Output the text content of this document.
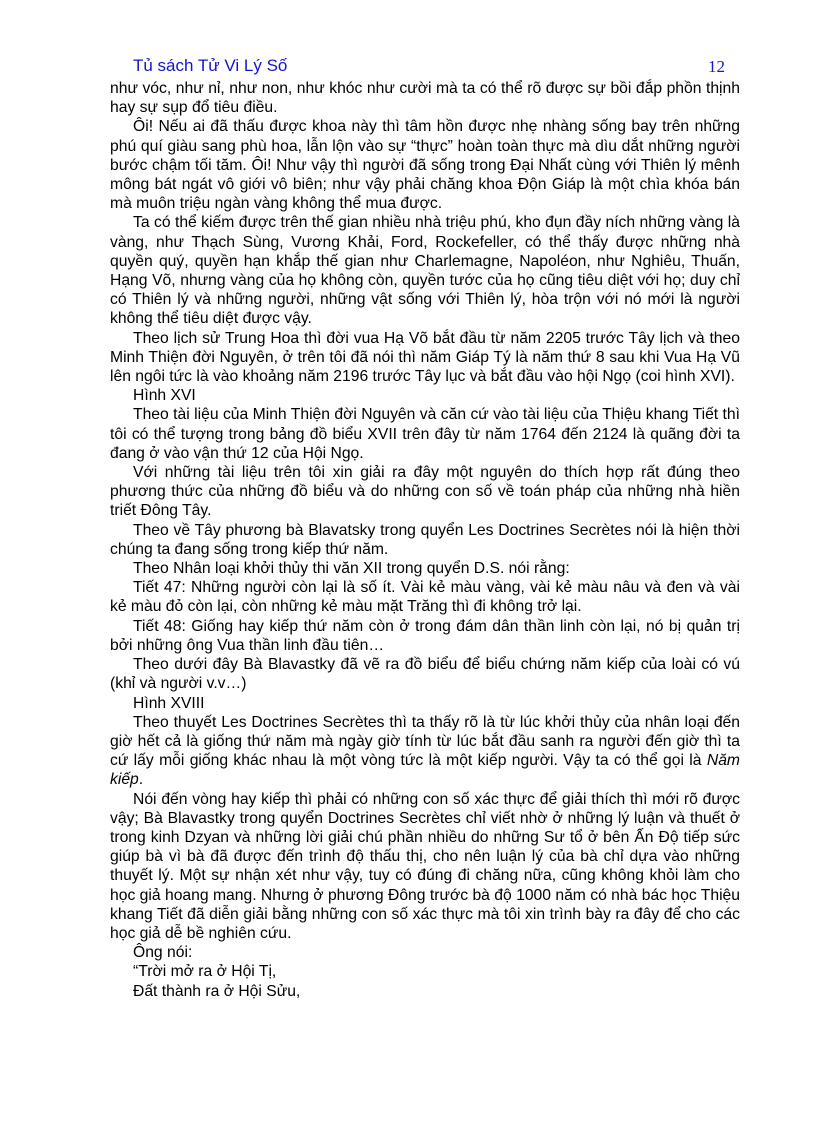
Tủ sách Tử Vi Lý Số	12

như vóc, như nỉ, như non, như khóc như cười mà ta có thể rõ được sự bồi đắp phồn thịnh hay sự sụp đổ tiêu điều.

Ôi! Nếu ai đã thấu được khoa này thì tâm hồn được nhẹ nhàng sống bay trên những phú quí giàu sang phù hoa, lẫn lộn vào sự “thực” hoàn toàn thực mà dìu dắt những người bước chậm tối tăm. Ôi! Như vậy thì người đã sống trong Đại Nhất cùng với Thiên lý mênh mông bát ngát vô giới vô biên; như vậy phải chăng khoa Độn Giáp là một chìa khóa bán mà muôn triệu ngàn vàng không thể mua được.

Ta có thể kiếm được trên thế gian nhiều nhà triệu phú, kho đụn đầy ních những vàng là vàng, như Thạch Sùng, Vương Khải, Ford, Rockefeller, có thể thấy được những nhà quyền quý, quyền hạn khắp thế gian như Charlemagne, Napoléon, như Nghiêu, Thuấn, Hạng Võ, nhưng vàng của họ không còn, quyền tước của họ cũng tiêu diệt với họ; duy chỉ có Thiên lý và những người, những vật sống với Thiên lý, hòa trộn với nó mới là người không thể tiêu diệt được vậy.

Theo lịch sử Trung Hoa thì đời vua Hạ Võ bắt đầu từ năm 2205 trước Tây lịch và theo Minh Thiện đời Nguyên, ở trên tôi đã nói thì năm Giáp Tý là năm thứ 8 sau khi Vua Hạ Vũ lên ngôi tức là vào khoảng năm 2196 trước Tây lục và bắt đầu vào hội Ngọ (coi hình XVI).

Hình XVI

Theo tài liệu của Minh Thiện đời Nguyên và căn cứ vào tài liệu của Thiệu khang Tiết thì tôi có thể tượng trong bảng đồ biểu XVII trên đây từ năm 1764 đến 2124 là quãng đời ta đang ở vào vận thứ 12 của Hội Ngọ.

Với những tài liệu trên tôi xin giải ra đây một nguyên do thích hợp rất đúng theo phương thức của những đồ biểu và do những con số về toán pháp của những nhà hiền triết Đông Tây.

Theo về Tây phương bà Blavatsky trong quyển Les Doctrines Secrètes nói là hiện thời chúng ta đang sống trong kiếp thứ năm.

Theo Nhân loại khởi thủy thi văn XII trong quyển D.S. nói rằng:

Tiết 47: Những người còn lại là số ít. Vài kẻ màu vàng, vài kẻ màu nâu và đen và vài kẻ màu đỏ còn lại, còn những kẻ màu mặt Trăng thì đi không trở lại.

Tiết 48: Giống hay kiếp thứ năm còn ở trong đám dân thần linh còn lại, nó bị quản trị bởi những ông Vua thần linh đầu tiên…

Theo dưới đây Bà Blavastky đã vẽ ra đồ biểu để biểu chứng năm kiếp của loài có vú (khỉ và người v.v…)

Hình XVIII

Theo thuyết Les Doctrines Secrètes thì ta thấy rõ là từ lúc khởi thủy của nhân loại đến giờ hết cả là giống thứ năm mà ngày giờ tính từ lúc bắt đầu sanh ra người đến giờ thì ta cứ lấy mỗi giống khác nhau là một vòng tức là một kiếp người. Vậy ta có thể gọi là Năm kiếp.

Nói đến vòng hay kiếp thì phải có những con số xác thực để giải thích thì mới rõ được vậy; Bà Blavastky trong quyển Doctrines Secrètes chỉ viết nhờ ở những lý luận và thuết ở trong kinh Dzyan và những lời giải chú phần nhiều do những Sư tổ ở bên Ấn Độ tiếp sức giúp bà vì bà đã được đến trình độ thấu thị, cho nên luận lý của bà chỉ dựa vào những thuyết lý. Một sự nhận xét như vậy, tuy có đúng đi chăng nữa, cũng không khỏi làm cho học giả hoang mang. Nhưng ở phương Đông trước bà độ 1000 năm có nhà bác học Thiệu khang Tiết đã diễn giải bằng những con số xác thực mà tôi xin trình bày ra đây để cho các học giả dễ bề nghiên cứu.

Ông nói:

“Trời mở ra ở Hội Tị,

Đất thành ra ở Hội Sửu,
